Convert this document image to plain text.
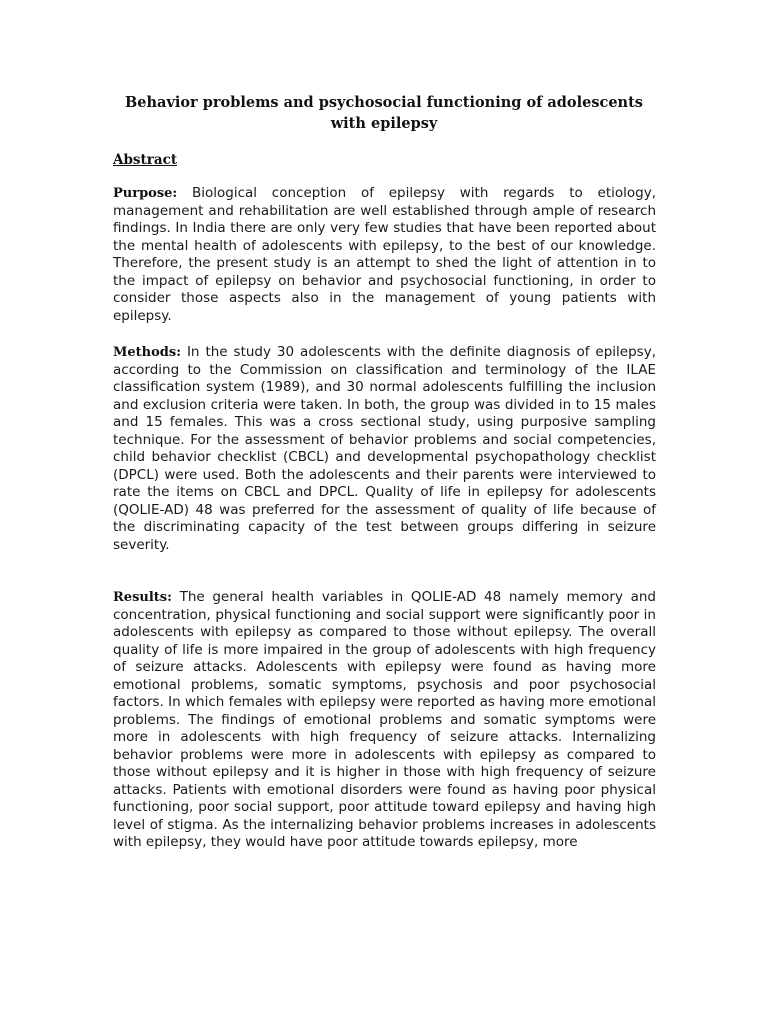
Behavior problems and psychosocial functioning of adolescents with epilepsy
Abstract

Purpose: Biological conception of epilepsy with regards to etiology, management and rehabilitation are well established through ample of research findings. In India there are only very few studies that have been reported about the mental health of adolescents with epilepsy, to the best of our knowledge. Therefore, the present study is an attempt to shed the light of attention in to the impact of epilepsy on behavior and psychosocial functioning, in order to consider those aspects also in the management of young patients with epilepsy.

Methods: In the study 30 adolescents with the definite diagnosis of epilepsy, according to the Commission on classification and terminology of the ILAE classification system (1989), and 30 normal adolescents fulfilling the inclusion and exclusion criteria were taken. In both, the group was divided in to 15 males and 15 females. This was a cross sectional study, using purposive sampling technique. For the assessment of behavior problems and social competencies, child behavior checklist (CBCL) and developmental psychopathology checklist (DPCL) were used. Both the adolescents and their parents were interviewed to rate the items on CBCL and DPCL. Quality of life in epilepsy for adolescents (QOLIE-AD) 48 was preferred for the assessment of quality of life because of the discriminating capacity of the test between groups differing in seizure severity.

Results: The general health variables in QOLIE-AD 48 namely memory and concentration, physical functioning and social support were significantly poor in adolescents with epilepsy as compared to those without epilepsy. The overall quality of life is more impaired in the group of adolescents with high frequency of seizure attacks. Adolescents with epilepsy were found as having more emotional problems, somatic symptoms, psychosis and poor psychosocial factors. In which females with epilepsy were reported as having more emotional problems. The findings of emotional problems and somatic symptoms were more in adolescents with high frequency of seizure attacks. Internalizing behavior problems were more in adolescents with epilepsy as compared to those without epilepsy and it is higher in those with high frequency of seizure attacks. Patients with emotional disorders were found as having poor physical functioning, poor social support, poor attitude toward epilepsy and having high level of stigma. As the internalizing behavior problems increases in adolescents with epilepsy, they would have poor attitude towards epilepsy, more
